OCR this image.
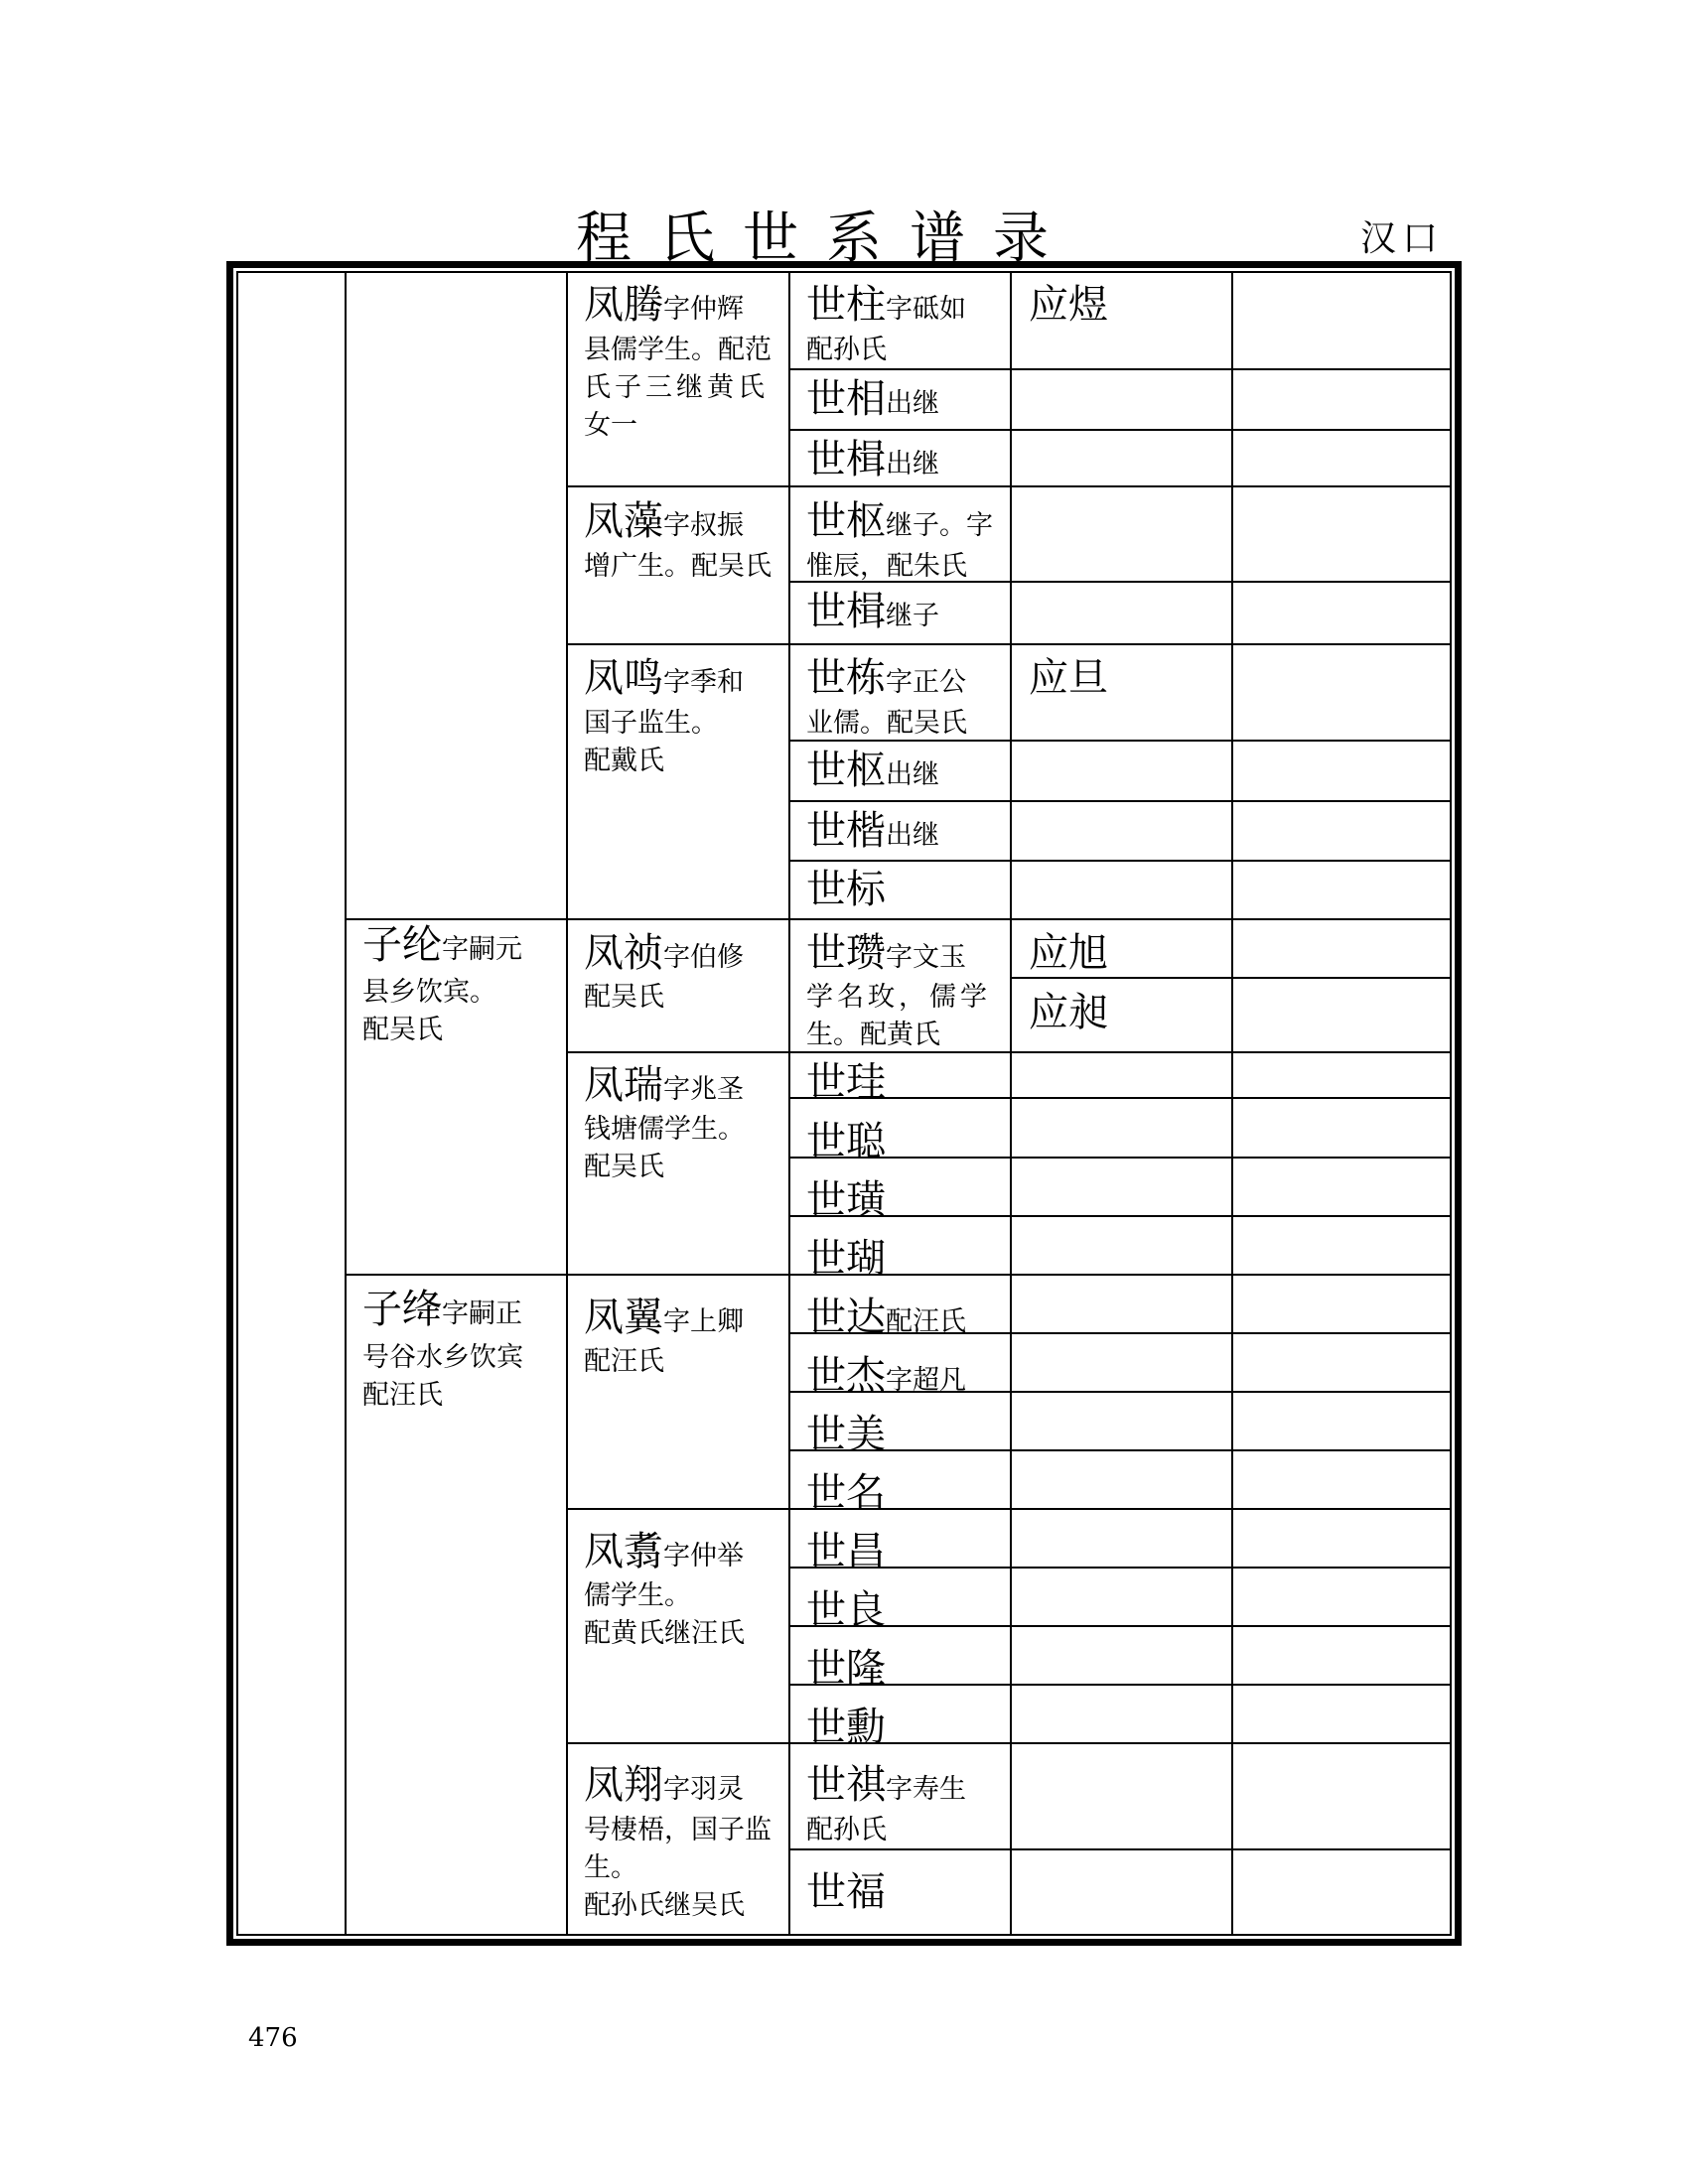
程氏世系谱录	汉口
子纶字嗣元
县乡饮宾。
配吴氏
子绛字嗣正
号谷水乡饮宾
配汪氏
凤腾字仲辉
县儒学生。配范
氏子三继黄氏
女一
凤藻字叔振
增广生。配吴氏
凤鸣字季和
国子监生。
配戴氏
凤祯字伯修
配吴氏
凤瑞字兆圣
钱塘儒学生。
配吴氏
凤翼字上卿
配汪氏
凤翥字仲举
儒学生。
配黄氏继汪氏
凤翔字羽灵
号棲梧，国子监
生。
配孙氏继吴氏
世柱字砥如
配孙氏
世相出继
世楫出继
世枢继子。字
惟辰，配朱氏
世楫继子
世栋字正公
业儒。配吴氏
世枢出继
世楷出继
世标
世瓒字文玉
学名玫，儒学
生。配黄氏
世珪
世聪
世璜
世瑚
世达配汪氏
世杰字超凡
世美
世名
世昌
世良
世隆
世勳
世祺字寿生
配孙氏
世福
应煜
应旦
应旭
应昶
476
